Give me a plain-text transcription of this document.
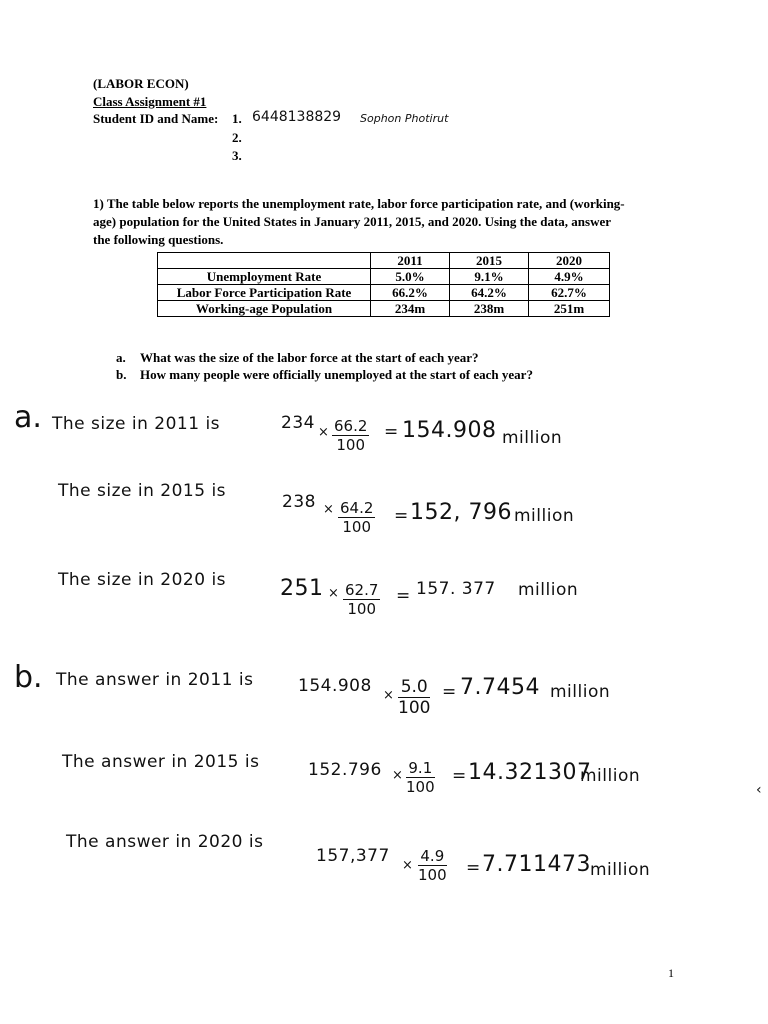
(LABOR ECON)
Class Assignment #1
Student ID and Name: 1.
2.
3.
6448138829 Sophon Photirut
1) The table below reports the unemployment rate, labor force participation rate, and (working-
age) population for the United States in January 2011, 2015, and 2020. Using the data, answer
the following questions.
	2011	2015	2020
Unemployment Rate	5.0%	9.1%	4.9%
Labor Force Participation Rate	66.2%	64.2%	62.7%
Working-age Population	234m	238m	251m
a. What was the size of the labor force at the start of each year?
b. How many people were officially unemployed at the start of each year?
a. The size in 2011 is	$234 \times \frac{66.2}{100} = 154.908$ million
The size in 2015 is
$238 \times \frac{64.2}{100} = 152$, 796 million
The size in 2020 is $251 \times \frac{62.7}{100} = 157$. 377 million
b. The answer in 2011 is	$154.908 \times \frac{5.0}{100} = 7.7454$ million
The answer in 2015 is	$152.796 \times \frac{9.1}{100} = 14.321307$
million
‹
The answer in 2020 is
$157,377 \times \frac{4.9}{100} = 7.711473$ million
1
